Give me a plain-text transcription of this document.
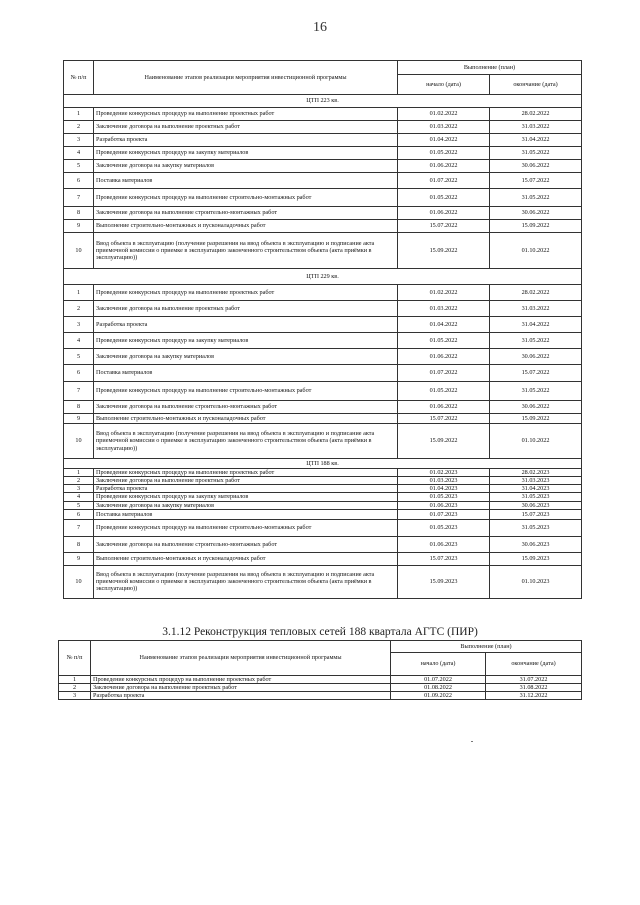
16
№ п/п	Наименование этапов реализации мероприятия инвестиционной программы	Выполнение (план)	
		начало (дата)	окончание (дата)
ЦТП 223 кв.			
1	Проведение конкурсных процедур на выполнение проектных работ	01.02.2022	28.02.2022
2	Заключение договора на выполнение проектных работ	01.03.2022	31.03.2022
3	Разработка проекта	01.04.2022	31.04.2022
4	Проведение конкурсных процедур на закупку материалов	01.05.2022	31.05.2022
5	Заключение договора на закупку материалов	01.06.2022	30.06.2022
6	Поставка материалов	01.07.2022	15.07.2022
7	Проведение конкурсных процедур на выполнение строительно-монтажных работ	01.05.2022	31.05.2022
8	Заключение договора на выполнение строительно-монтажных работ	01.06.2022	30.06.2022
9	Выполнение строительно-монтажных и пусконаладочных работ	15.07.2022	15.09.2022
10	Ввод объекта в эксплуатацию (получение разрешения на ввод объекта в эксплуатацию и подписание акта приемочной комиссии о приемке в эксплуатацию законченного строительством объекта (акта приёмки в эксплуатацию))	15.09.2022	01.10.2022
ЦТП 229 кв.			
1	Проведение конкурсных процедур на выполнение проектных работ	01.02.2022	28.02.2022
2	Заключение договора на выполнение проектных работ	01.03.2022	31.03.2022
3	Разработка проекта	01.04.2022	31.04.2022
4	Проведение конкурсных процедур на закупку материалов	01.05.2022	31.05.2022
5	Заключение договора на закупку материалов	01.06.2022	30.06.2022
6	Поставка материалов	01.07.2022	15.07.2022
7	Проведение конкурсных процедур на выполнение строительно-монтажных работ	01.05.2022	31.05.2022
8	Заключение договора на выполнение строительно-монтажных работ	01.06.2022	30.06.2022
9	Выполнение строительно-монтажных и пусконаладочных работ	15.07.2022	15.09.2022
10	Ввод объекта в эксплуатацию (получение разрешения на ввод объекта в эксплуатацию и подписание акта приемочной комиссии о приемке в эксплуатацию законченного строительством объекта (акта приёмки в эксплуатацию))	15.09.2022	01.10.2022
ЦТП 188 кв.			
1	Проведение конкурсных процедур на выполнение проектных работ	01.02.2023	28.02.2023
2	Заключение договора на выполнение проектных работ	01.03.2023	31.03.2023
3	Разработка проекта	01.04.2023	31.04.2023
4	Проведение конкурсных процедур на закупку материалов	01.05.2023	31.05.2023
5	Заключение договора на закупку материалов	01.06.2023	30.06.2023
6	Поставка материалов	01.07.2023	15.07.2023
7	Проведение конкурсных процедур на выполнение строительно-монтажных работ	01.05.2023	31.05.2023
8	Заключение договора на выполнение строительно-монтажных работ	01.06.2023	30.06.2023
9	Выполнение строительно-монтажных и пусконаладочных работ	15.07.2023	15.09.2023
10	Ввод объекта в эксплуатацию (получение разрешения на ввод объекта в эксплуатацию и подписание акта приемочной комиссии о приемке в эксплуатацию законченного строительством объекта (акта приёмки в эксплуатацию))	15.09.2023	01.10.2023
3.1.12 Реконструкция тепловых сетей 188 квартала АГТС (ПИР)
№ п/п	Наименование этапов реализации мероприятия инвестиционной программы	Выполнение (план)	
		начало (дата)	окончание (дата)
1	Проведение конкурсных процедур на выполнение проектных работ	01.07.2022	31.07.2022
2	Заключение договора на выполнение проектных работ	01.08.2022	31.08.2022
3	Разработка проекта	01.09.2022	31.12.2022
